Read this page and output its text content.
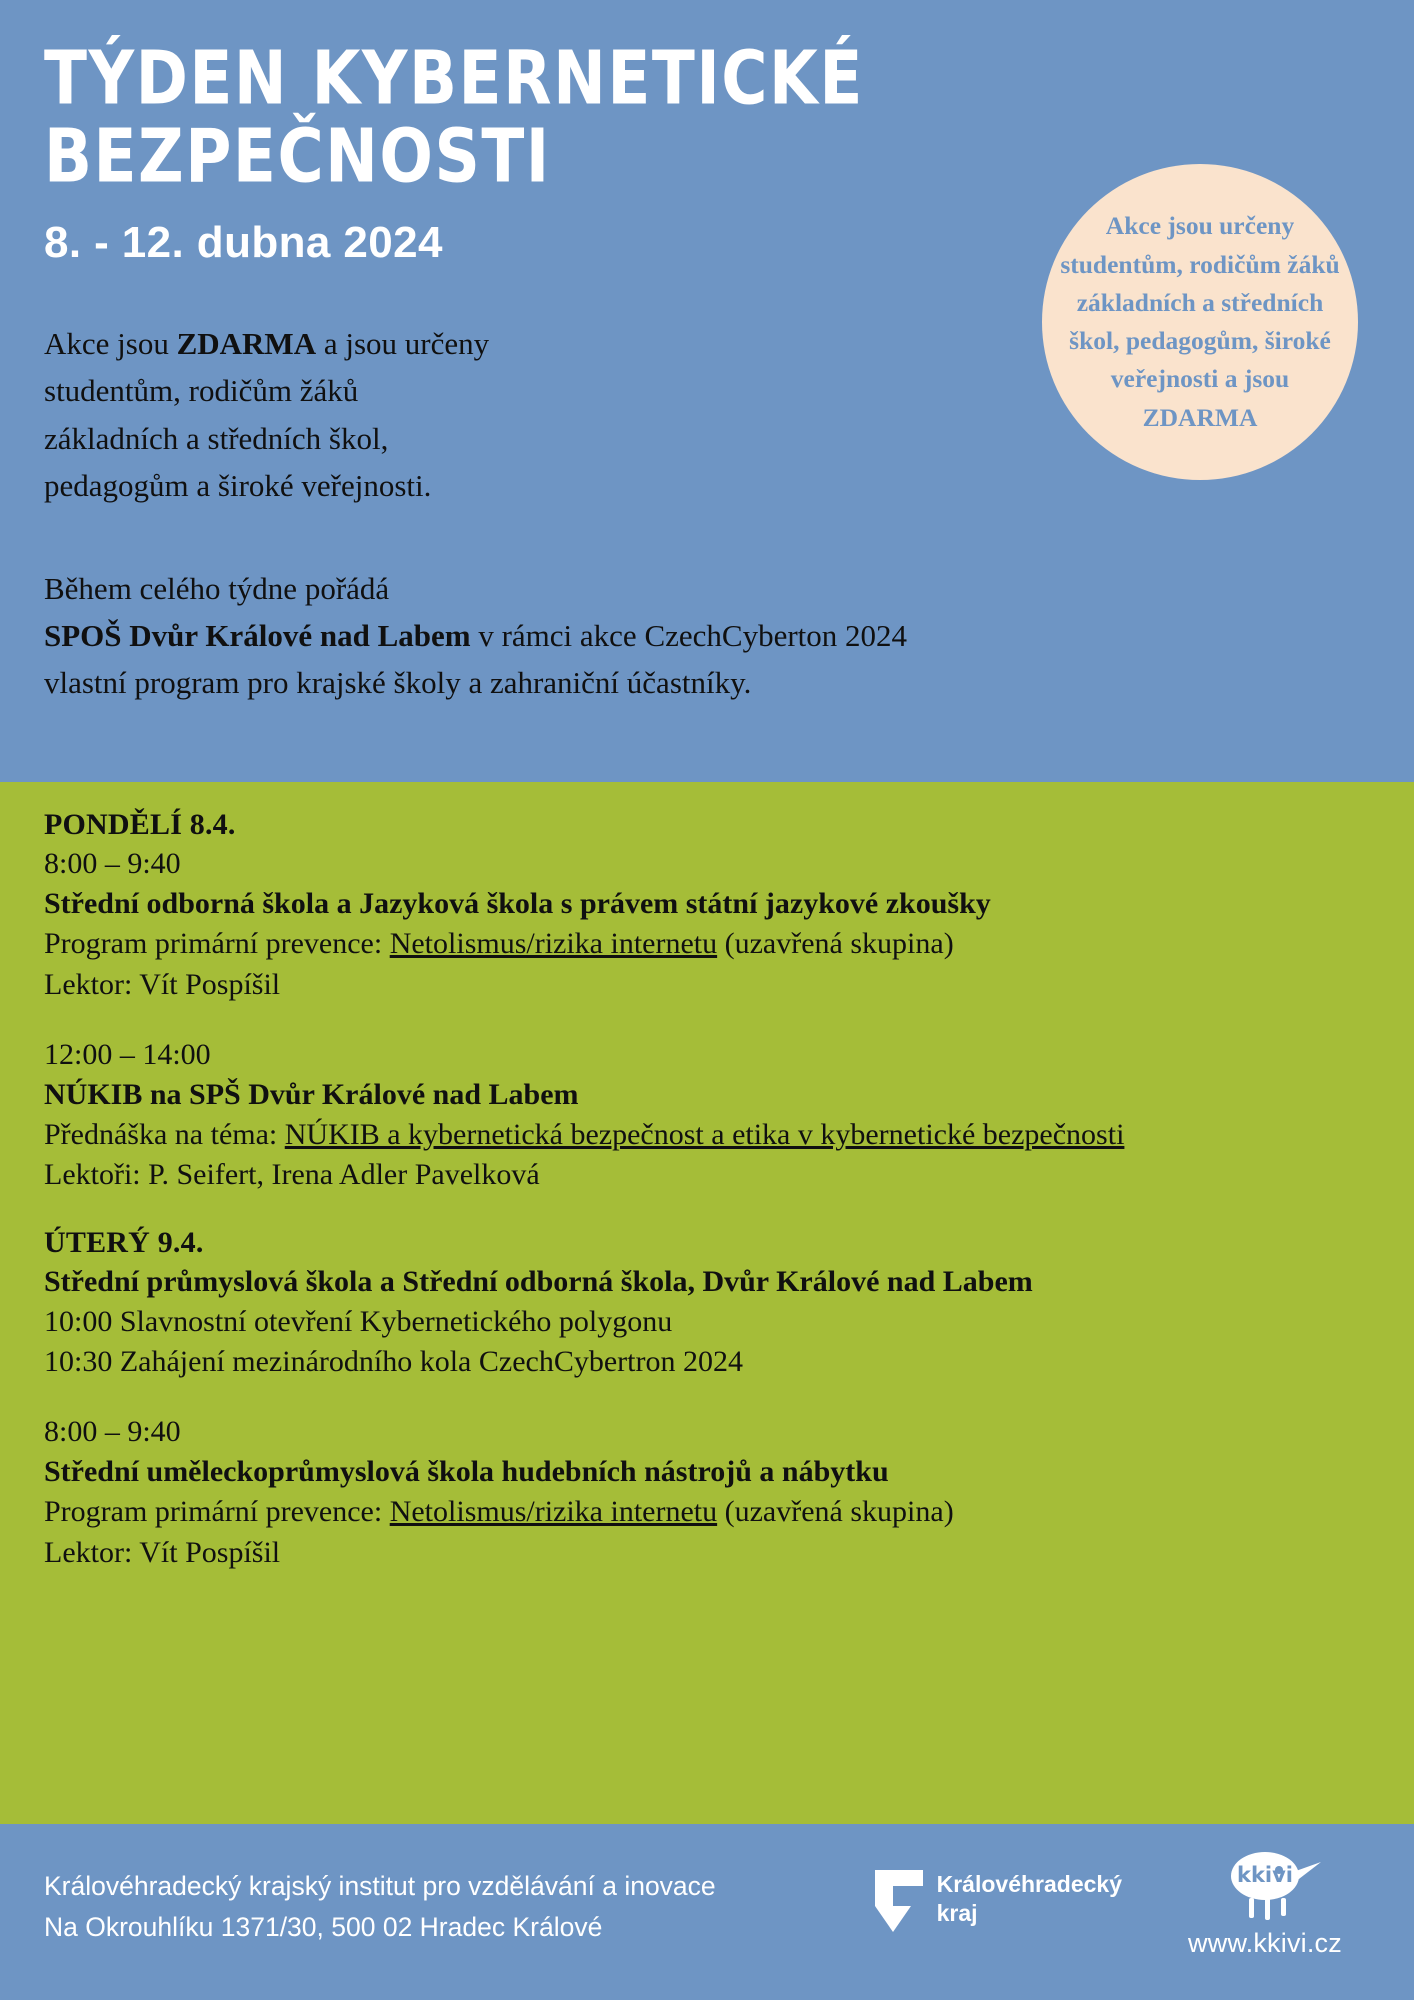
TÝDEN KYBERNETICKÉ BEZPEČNOSTI
8. - 12. dubna 2024
Akce jsou ZDARMA a jsou určeny
studentům, rodičům žáků
základních a středních škol,
pedagogům a široké veřejnosti.
Během celého týdne pořádá
SPOŠ Dvůr Králové nad Labem v rámci akce CzechCyberton 2024
vlastní program pro krajské školy a zahraniční účastníky.
Akce jsou určeny studentům, rodičům žáků základních a středních škol, pedagogům, široké veřejnosti a jsou ZDARMA
PONDĚLÍ 8.4.
8:00 – 9:40
Střední odborná škola a Jazyková škola s právem státní jazykové zkoušky
Program primární prevence: Netolismus/rizika internetu (uzavřená skupina)
Lektor: Vít Pospíšil
12:00 – 14:00
NÚKIB na SPŠ Dvůr Králové nad Labem
Přednáška na téma: NÚKIB a kybernetická bezpečnost a etika v kybernetické bezpečnosti
Lektoři: P. Seifert, Irena Adler Pavelková
ÚTERÝ 9.4.
Střední průmyslová škola a Střední odborná škola, Dvůr Králové nad Labem
10:00 Slavnostní otevření Kybernetického polygonu
10:30 Zahájení mezinárodního kola CzechCybertron 2024
8:00 – 9:40
Střední uměleckoprůmyslová škola hudebních nástrojů a nábytku
Program primární prevence: Netolismus/rizika internetu (uzavřená skupina)
Lektor: Vít Pospíšil
Královéhradecký krajský institut pro vzdělávání a inovace
Na Okrouhlíku 1371/30, 500 02 Hradec Králové
Královéhradecký
kraj
kkivi
www.kkivi.cz
